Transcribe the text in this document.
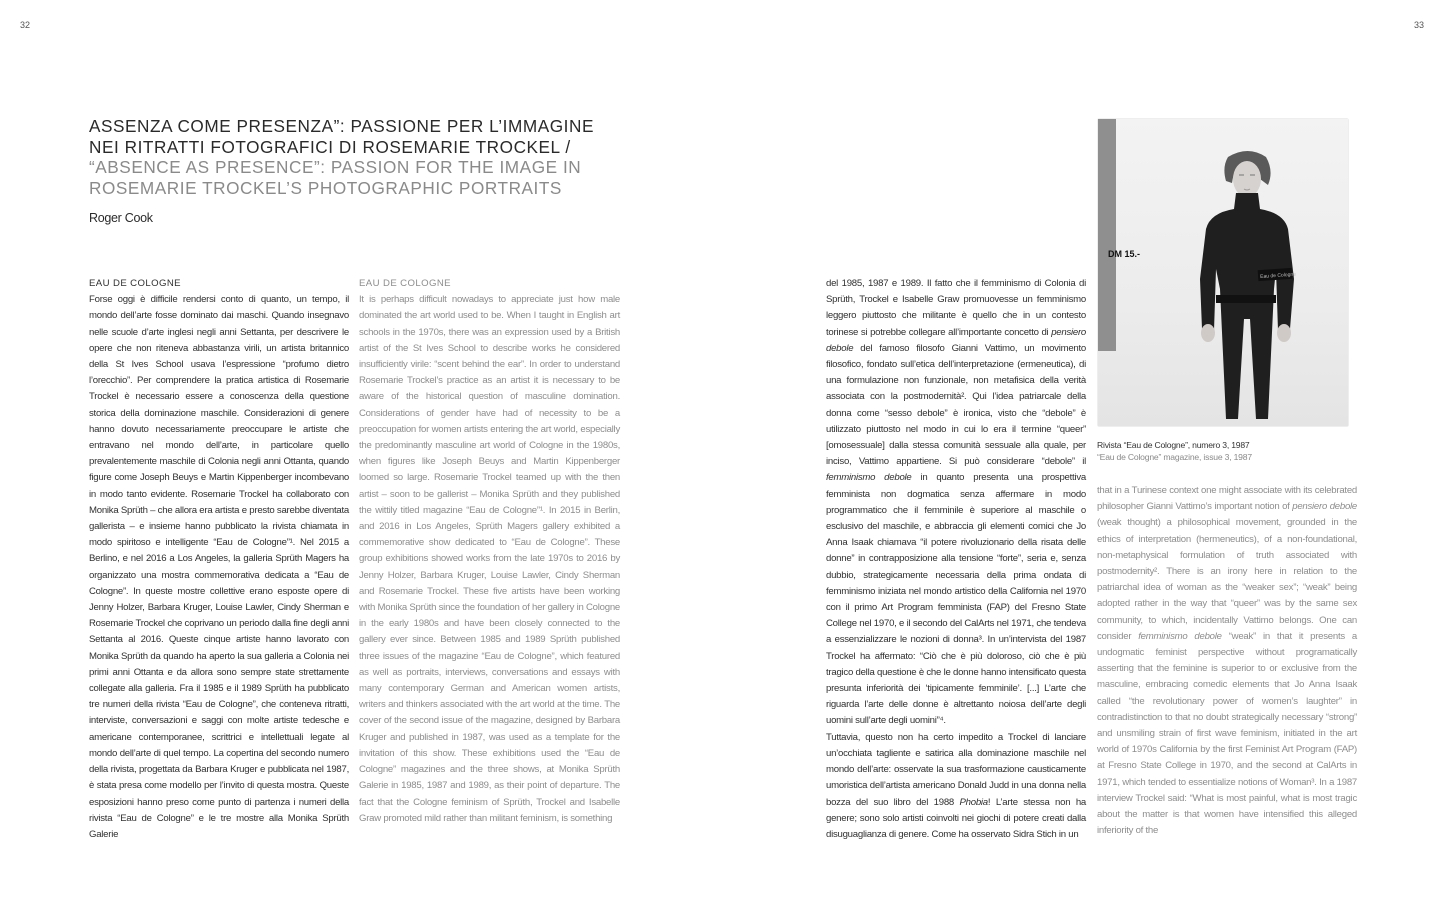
32	33
ASSENZA COME PRESENZA”: PASSIONE PER L’IMMAGINE
NEI RITRATTI FOTOGRAFICI DI ROSEMARIE TROCKEL /
“ABSENCE AS PRESENCE”: PASSION FOR THE IMAGE IN
ROSEMARIE TROCKEL’S PHOTOGRAPHIC PORTRAITS
Roger Cook
EAU DE COLOGNE

Forse oggi è difficile rendersi conto di quanto, un tempo, il mondo dell’arte fosse dominato dai maschi. Quando insegnavo nelle scuole d’arte inglesi negli anni Settanta, per descrivere le opere che non riteneva abbastanza virili, un artista britannico della St Ives School usava l’espressione “profumo dietro l’orecchio”. Per comprendere la pratica artistica di Rosemarie Trockel è necessario essere a conoscenza della questione storica della dominazione maschile. Considerazioni di genere hanno dovuto necessariamente preoccupare le artiste che entravano nel mondo dell’arte, in particolare quello prevalentemente maschile di Colonia negli anni Ottanta, quando figure come Joseph Beuys e Martin Kippenberger incombevano in modo tanto evidente. Rosemarie Trockel ha collaborato con Monika Sprüth – che allora era artista e presto sarebbe diventata gallerista – e insieme hanno pubblicato la rivista chiamata in modo spiritoso e intelligente “Eau de Cologne”¹. Nel 2015 a Berlino, e nel 2016 a Los Angeles, la galleria Sprüth Magers ha organizzato una mostra commemorativa dedicata a “Eau de Cologne”. In queste mostre collettive erano esposte opere di Jenny Holzer, Barbara Kruger, Louise Lawler, Cindy Sherman e Rosemarie Trockel che coprivano un periodo dalla fine degli anni Settanta al 2016. Queste cinque artiste hanno lavorato con Monika Sprüth da quando ha aperto la sua galleria a Colonia nei primi anni Ottanta e da allora sono sempre state strettamente collegate alla galleria. Fra il 1985 e il 1989 Sprüth ha pubblicato tre numeri della rivista “Eau de Cologne”, che conteneva ritratti, interviste, conversazioni e saggi con molte artiste tedesche e americane contemporanee, scrittrici e intellettuali legate al mondo dell’arte di quel tempo. La copertina del secondo numero della rivista, progettata da Barbara Kruger e pubblicata nel 1987, è stata presa come modello per l’invito di questa mostra. Queste esposizioni hanno preso come punto di partenza i numeri della rivista “Eau de Cologne” e le tre mostre alla Monika Sprüth Galerie

EAU DE COLOGNE

It is perhaps difficult nowadays to appreciate just how male dominated the art world used to be. When I taught in English art schools in the 1970s, there was an expression used by a British artist of the St Ives School to describe works he considered insufficiently virile: “scent behind the ear”. In order to understand Rosemarie Trockel’s practice as an artist it is necessary to be aware of the historical question of masculine domination. Considerations of gender have had of necessity to be a preoccupation for women artists entering the art world, especially the predominantly masculine art world of Cologne in the 1980s, when figures like Joseph Beuys and Martin Kippenberger loomed so large. Rosemarie Trockel teamed up with the then artist – soon to be gallerist – Monika Sprüth and they published the wittily titled magazine “Eau de Cologne”¹. In 2015 in Berlin, and 2016 in Los Angeles, Sprüth Magers gallery exhibited a commemorative show dedicated to “Eau de Cologne”. These group exhibitions showed works from the late 1970s to 2016 by Jenny Holzer, Barbara Kruger, Louise Lawler, Cindy Sherman and Rosemarie Trockel. These five artists have been working with Monika Sprüth since the foundation of her gallery in Cologne in the early 1980s and have been closely connected to the gallery ever since. Between 1985 and 1989 Sprüth published three issues of the magazine “Eau de Cologne”, which featured as well as portraits, interviews, conversations and essays with many contemporary German and American women artists, writers and thinkers associated with the art world at the time. The cover of the second issue of the magazine, designed by Barbara Kruger and published in 1987, was used as a template for the invitation of this show. These exhibitions used the “Eau de Cologne” magazines and the three shows, at Monika Sprüth Galerie in 1985, 1987 and 1989, as their point of departure. The fact that the Cologne feminism of Sprüth, Trockel and Isabelle Graw promoted mild rather than militant feminism, is something

del 1985, 1987 e 1989. Il fatto che il femminismo di Colonia di Sprüth, Trockel e Isabelle Graw promuovesse un femminismo leggero piuttosto che militante è quello che in un contesto torinese si potrebbe collegare all’importante concetto di pensiero debole del famoso filosofo Gianni Vattimo, un movimento filosofico, fondato sull’etica dell’interpretazione (ermeneutica), di una formulazione non funzionale, non metafisica della verità associata con la postmodernità². Qui l’idea patriarcale della donna come “sesso debole” è ironica, visto che “debole” è utilizzato piuttosto nel modo in cui lo era il termine “queer” [omosessuale] dalla stessa comunità sessuale alla quale, per inciso, Vattimo appartiene. Si può considerare “debole” il femminismo debole in quanto presenta una prospettiva femminista non dogmatica senza affermare in modo programmatico che il femminile è superiore al maschile o esclusivo del maschile, e abbraccia gli elementi comici che Jo Anna Isaak chiamava “il potere rivoluzionario della risata delle donne” in contrapposizione alla tensione “forte”, seria e, senza dubbio, strategicamente necessaria della prima ondata di femminismo iniziata nel mondo artistico della California nel 1970 con il primo Art Program femminista (FAP) del Fresno State College nel 1970, e il secondo del CalArts nel 1971, che tendeva a essenzializzare le nozioni di donna³. In un’intervista del 1987 Trockel ha affermato: “Ciò che è più doloroso, ciò che è più tragico della questione è che le donne hanno intensificato questa presunta inferiorità dei ‘tipicamente femminile’. [...] L’arte che riguarda l’arte delle donne è altrettanto noiosa dell’arte degli uomini sull’arte degli uomini”⁴.

Tuttavia, questo non ha certo impedito a Trockel di lanciare un’occhiata tagliente e satirica alla dominazione maschile nel mondo dell’arte: osservate la sua trasformazione causticamente umoristica dell’artista americano Donald Judd in una donna nella bozza del suo libro del 1988 Phobia! L’arte stessa non ha genere; sono solo artisti coinvolti nei giochi di potere creati dalla disuguaglianza di genere. Come ha osservato Sidra Stich in un

that in a Turinese context one might associate with its celebrated philosopher Gianni Vattimo’s important notion of pensiero debole (weak thought) a philosophical movement, grounded in the ethics of interpretation (hermeneutics), of a non-foundational, non-metaphysical formulation of truth associated with postmodernity². There is an irony here in relation to the patriarchal idea of woman as the “weaker sex”; “weak” being adopted rather in the way that “queer” was by the same sex community, to which, incidentally Vattimo belongs. One can consider femminismo debole “weak” in that it presents a undogmatic feminist perspective without programatically asserting that the feminine is superior to or exclusive from the masculine, embracing comedic elements that Jo Anna Isaak called “the revolutionary power of women’s laughter” in contradistinction to that no doubt strategically necessary “strong” and unsmiling strain of first wave feminism, initiated in the art world of 1970s California by the first Feminist Art Program (FAP) at Fresno State College in 1970, and the second at CalArts in 1971, which tended to essentialize notions of Woman³. In a 1987 interview Trockel said: “What is most painful, what is most tragic about the matter is that women have intensified this alleged inferiority of the

Eau de Cologne
DM 15.-
Rivista “Eau de Cologne”, numero 3, 1987
“Eau de Cologne” magazine, issue 3, 1987
